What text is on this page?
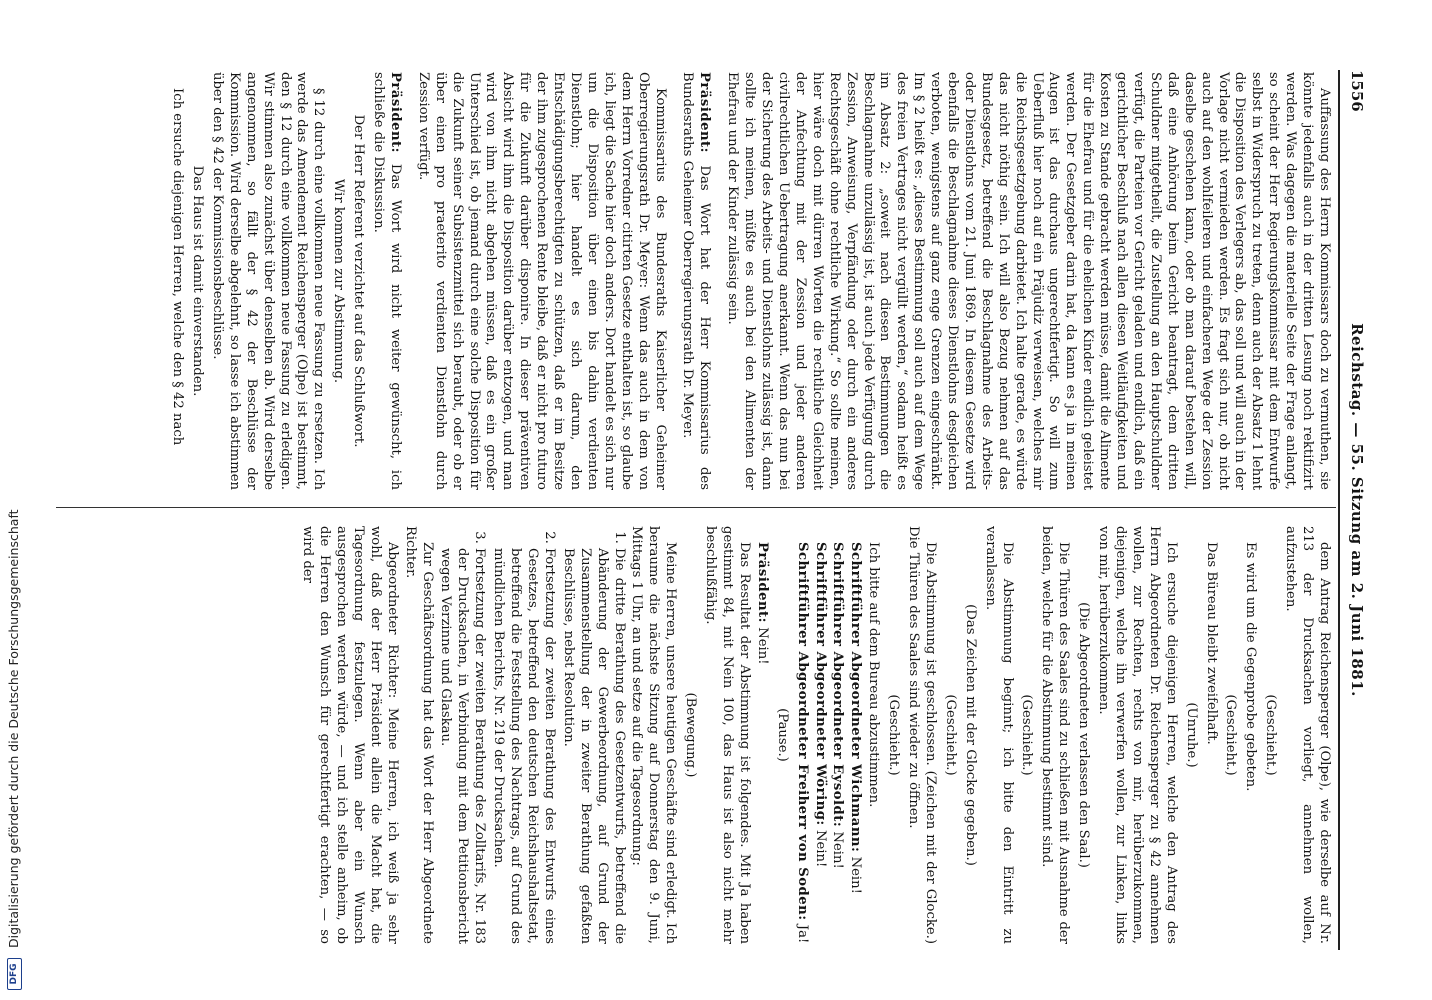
1556
Reichstag. — 55. Sitzung am 2. Juni 1881.

Auffassung des Herrn Kommissars doch zu vermuthen, sie könnte jedenfalls auch in der dritten Lesung noch rektifizirt werden. Was dagegen die materielle Seite der Frage anlangt, so scheint der Herr Regierungskommissar mit dem Entwurfe selbst in Widerspruch zu treten, denn auch der Absatz 1 lehnt die Disposition des Verlegers ab, das soll und will auch in der Vorlage nicht vermieden werden. Es fragt sich nur, ob nicht auch auf den wohlfeileren und einfacheren Wege der Zession daselbe geschehen kann, oder ob man darauf bestehen will, daß eine Anhörung beim Gericht beantragt, dem dritten Schuldner mitgetheilt, die Zustellung an den Hauptschuldner verfügt, die Parteien vor Gericht geladen und endlich, daß ein gerichtlicher Beschluß nach allen diesen Weitläufigkeiten und Kosten zu Stande gebracht werden müsse, damit die Alimente für die Ehefrau und für die ehelichen Kinder endlich geleistet werden. Der Gesetzgeber darin hat, da kann es ja in meinen Augen ist das durchaus ungerechtfertigt. So will zum Ueberfluß hier noch auf ein Präjudiz verweisen, welches mir die Reichsgesetzgebung darbietet. Ich halte gerade, es würde das nicht nöthig sein. Ich will also Bezug nehmen auf das Bundesgesetz, betreffend die Beschlagnahme des Arbeits- oder Dienstlohns vom 21. Juni 1869. In diesem Gesetze wird ebenfalls die Beschlagnahme dieses Dienstlohns desgleichen verboten, wenigstens auf ganz enge Grenzen eingeschränkt. Im § 2 heißt es: „dieses Bestimmung soll auch auf dem Wege des freien Vertrages nicht vergüllt werden,“ sodann heißt es im Absatz 2: „soweit nach diesen Bestimmungen die Beschlagnahme unzulässig ist, ist auch jede Verfügung durch Zession, Anweisung, Verpfändung oder durch ein anderes Rechtsgeschäft ohne rechtliche Wirkung.“ So sollte meinen, hier wäre doch mit dürren Worten die rechtliche Gleichheit der Anfechtung mit der Zession und jeder anderen civilrechtlichen Uebertragung anerkannt. Wenn das nun bei der Sicherung des Arbeits- und Dienstlohns zulässig ist, dann sollte ich meinen, müßte es auch bei den Alimenten der Ehefrau und der Kinder zulässig sein.

Präsident: Das Wort hat der Herr Kommissarius des Bundesraths Geheimer Oberregierungsrath Dr. Meyer.

Kommissarius des Bundesraths Kaiserlicher Geheimer Oberregierungsrath Dr. Meyer: Wenn das auch in dem von dem Herrn Vorredner citirten Gesetze enthalten ist, so glaube ich, liegt die Sache hier doch anders. Dort handelt es sich nur um die Disposition über einen bis dahin verdienten Dienstlohn; hier handelt es sich darum, den Entschädigungsberechtigten zu schützen, daß er im Besitze der ihm zugesprochenen Rente bleibe, daß er nicht pro futuro für die Zukunft darüber disponire. In dieser präventiven Absicht wird ihm die Disposition darüber entzogen, und man wird von ihm nicht abgehen müssen, daß es ein großer Unterschied ist, ob jemand durch eine solche Disposition für die Zukunft seiner Subsistenzmittel sich beraubt, oder ob er über einen pro praeterito verdienten Dienstlohn durch Zession verfügt.

Präsident: Das Wort wird nicht weiter gewünscht, ich schließe die Diskussion.

Der Herr Referent verzichtet auf das Schlußwort.

Wir kommen zur Abstimmung.

§ 12 durch eine vollkommen neue Fassung zu ersetzen. Ich werde das Amendement Reichensperger (Olpe) ist bestimmt, den § 12 durch eine vollkommen neue Fassung zu erledigen. Wir stimmen also zunächst über denselben ab. Wird derselbe angenommen, so fällt der § 42 der Beschlüsse der Kommission. Wird derselbe abgelehnt, so lasse ich abstimmen über den § 42 der Kommissionsbeschlüsse.

Das Haus ist damit einverstanden.

Ich ersuche diejenigen Herren, welche den § 42 nach

dem Antrag Reichensperger (Olpe), wie derselbe auf Nr. 213 der Drucksachen vorliegt, annehmen wollen, aufzustehen.

(Geschieht.)

Es wird um die Gegenprobe gebeten.

(Geschieht.)

Das Büreau bleibt zweifelhaft.

(Unruhe.)

Ich ersuche diejenigen Herren, welche den Antrag des Herrn Abgeordneten Dr. Reichensperger zu § 42 annehmen wollen, zur Rechten, rechts von mir, herüberzukommen, diejenigen, welche ihn verwerfen wollen, zur Linken, links von mir, herüberzukommen.

(Die Abgeordneten verlassen den Saal.)

Die Thüren des Saales sind zu schließen mit Ausnahme der beiden, welche für die Abstimmung bestimmt sind.

(Geschieht.)

Die Abstimmung beginnt; ich bitte den Eintritt zu veranlassen.

(Das Zeichen mit der Glocke gegeben.)

(Geschieht.)

Die Abstimmung ist geschlossen. (Zeichen mit der Glocke.) Die Thüren des Saales sind wieder zu öffnen.

(Geschieht.)

Ich bitte auf dem Bureau abzustimmen.

Schriftführer Abgeordneter Wichmann: Nein!

Schriftführer Abgeordneter Eysoldt: Nein!

Schriftführer Abgeordneter Wöring: Nein!

Schriftführer Abgeordneter Freiherr von Soden: Ja!

(Pause.)

Präsident: Nein!

Das Resultat der Abstimmung ist folgendes. Mit Ja haben gestimmt 84, mit Nein 100, das Haus ist also nicht mehr beschlußfähig.

(Bewegung.)

Meine Herren, unsere heutigen Geschäfte sind erledigt. Ich beraume die nächste Sitzung auf Donnerstag den 9. Juni, Mittags 1 Uhr, an und setze auf die Tagesordnung:

1. Die dritte Berathung des Gesetzentwurfs, betreffend die Abänderung der Gewerbeordnung, auf Grund der Zusammenstellung der in zweiter Berathung gefaßten Beschlüsse, nebst Resolution.
2. Fortsetzung der zweiten Berathung des Entwurfs eines Gesetzes, betreffend den deutschen Reichshaushaltsetat, betreffend die Feststellung des Nachtrags, auf Grund des mündlichen Berichts, Nr. 219 der Drucksachen.
3. Fortsetzung der zweiten Berathung des Zolltarifs, Nr. 183 der Drucksachen, in Verbindung mit dem Petitionsbericht wegen Verzinne und Glaskau.

Zur Geschäftsordnung hat das Wort der Herr Abgeordnete Richter.

Abgeordneter Richter: Meine Herren, ich weiß ja sehr wohl, daß der Herr Präsident allein die Macht hat, die Tagesordnung festzulegen. Wenn aber ein Wunsch ausgesprochen werden würde, — und ich stelle anheim, ob die Herren den Wunsch für gerechtfertigt erachten, — so wird der

DFG Digitalisierung gefördert durch die Deutsche Forschungsgemeinschaft
